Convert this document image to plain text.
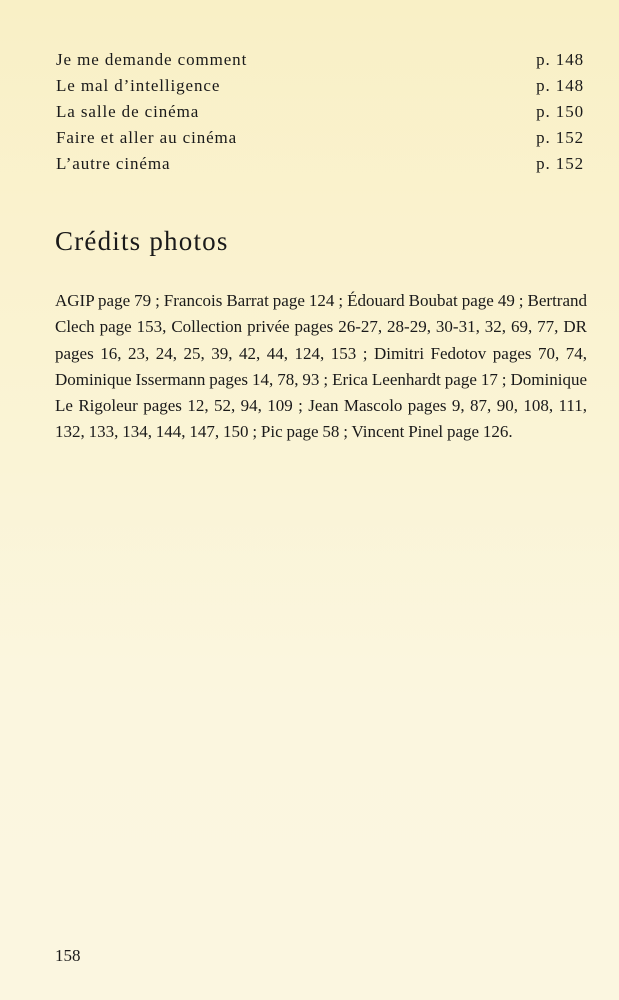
Je me demande comment	p. 148
Le mal d’intelligence	p. 148
La salle de cinéma	p. 150
Faire et aller au cinéma	p. 152
L’autre cinéma	p. 152
Crédits photos

AGIP page 79 ; Francois Barrat page 124 ; Édouard Boubat page 49 ; Bertrand Clech page 153, Collection privée pages 26-27, 28-29, 30-31, 32, 69, 77, DR pages 16, 23, 24, 25, 39, 42, 44, 124, 153 ; Dimitri Fedotov pages 70, 74, Dominique Issermann pages 14, 78, 93 ; Erica Leenhardt page 17 ; Dominique Le Rigoleur pages 12, 52, 94, 109 ; Jean Mascolo pages 9, 87, 90, 108, 111, 132, 133, 134, 144, 147, 150 ; Pic page 58 ; Vincent Pinel page 126.

158
